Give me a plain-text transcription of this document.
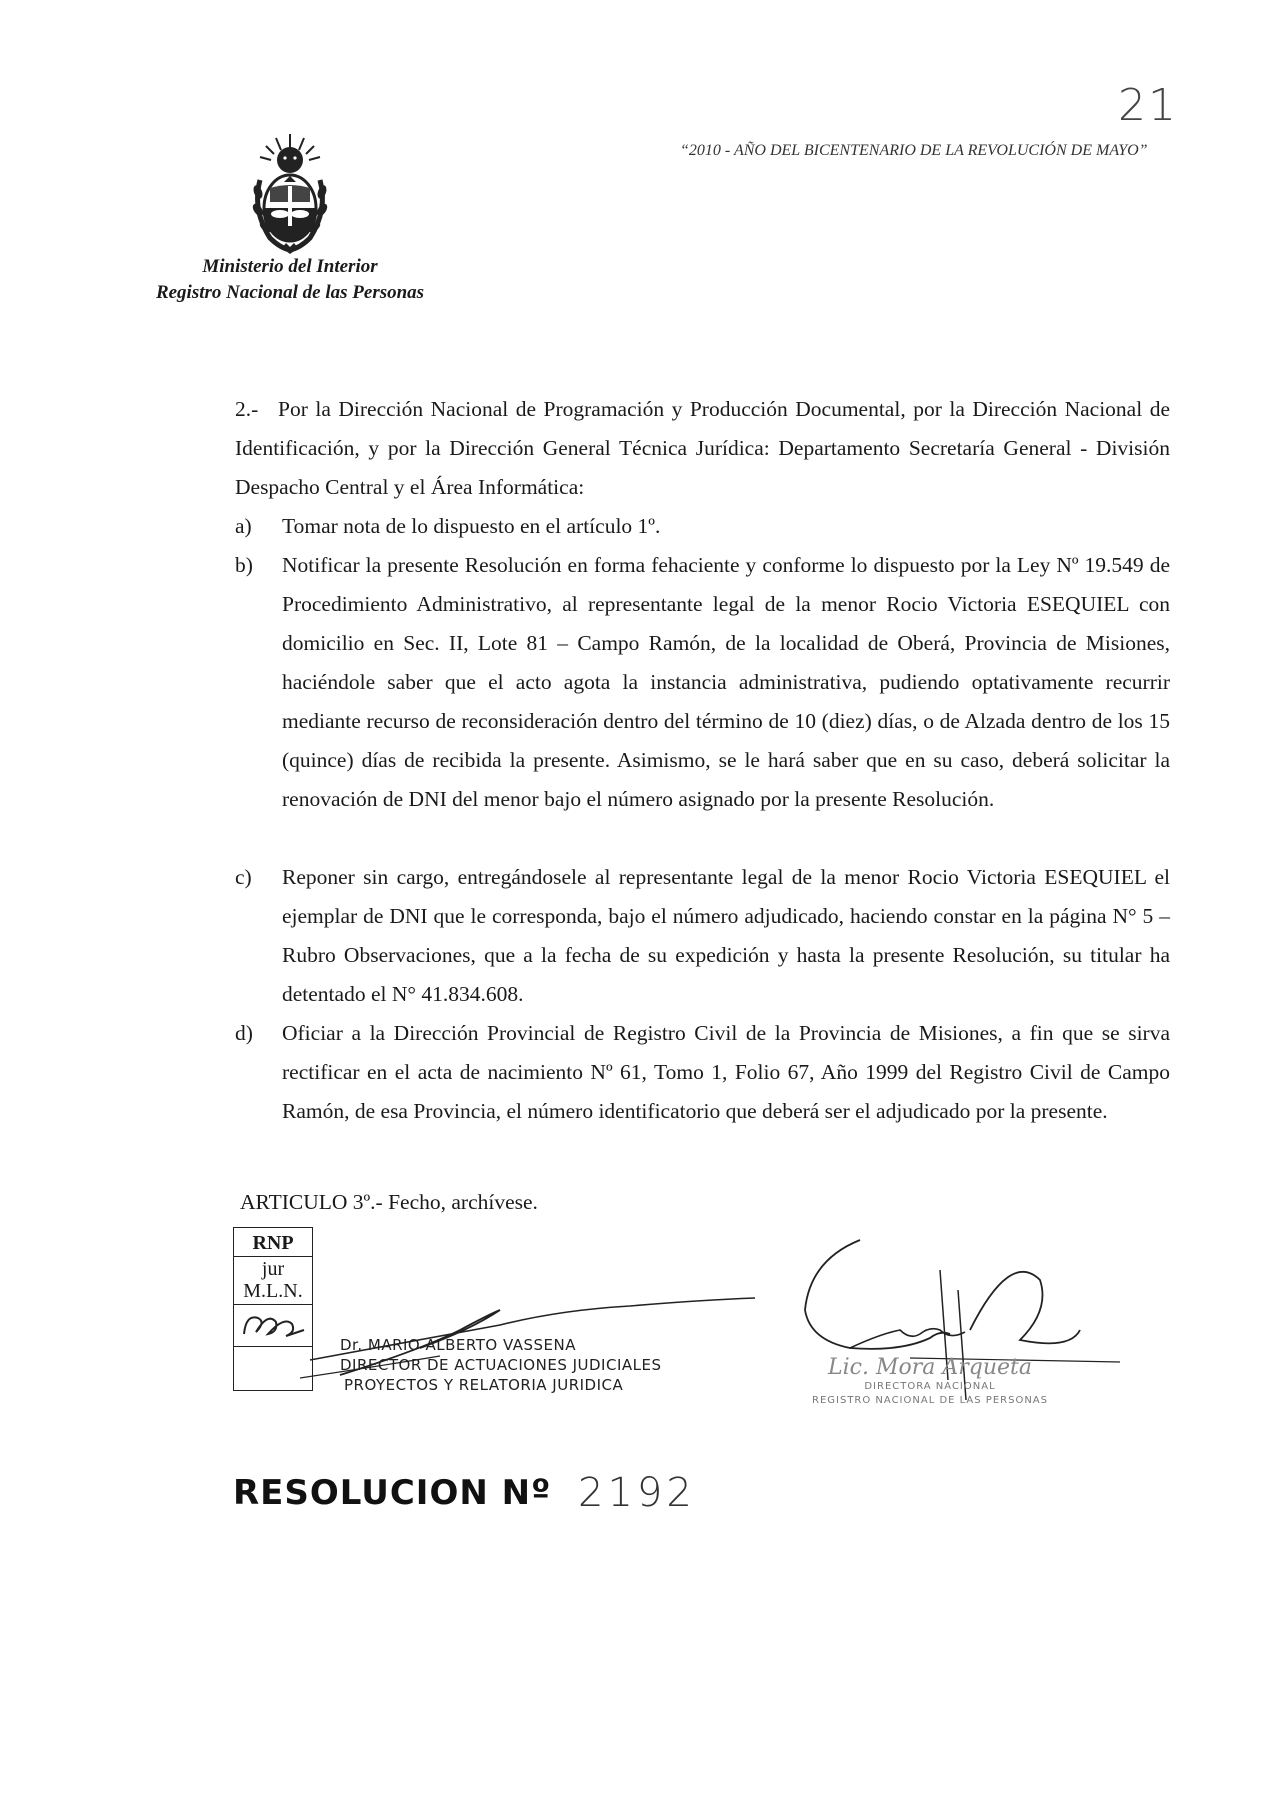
21
“2010 - AÑO DEL BICENTENARIO DE LA REVOLUCIÓN DE MAYO”
Ministerio del Interior
Registro Nacional de las Personas
2.- Por la Dirección Nacional de Programación y Producción Documental, por la Dirección Nacional de Identificación, y por la Dirección General Técnica Jurídica: Departamento Secretaría General - División Despacho Central y el Área Informática:
a) Tomar nota de lo dispuesto en el artículo 1º.
b) Notificar la presente Resolución en forma fehaciente y conforme lo dispuesto por la Ley Nº 19.549 de Procedimiento Administrativo, al representante legal de la menor Rocio Victoria ESEQUIEL con domicilio en Sec. II, Lote 81 – Campo Ramón, de la localidad de Oberá, Provincia de Misiones, haciéndole saber que el acto agota la instancia administrativa, pudiendo optativamente recurrir mediante recurso de reconsideración dentro del término de 10 (diez) días, o de Alzada dentro de los 15 (quince) días de recibida la presente. Asimismo, se le hará saber que en su caso, deberá solicitar la renovación de DNI del menor bajo el número asignado por la presente Resolución.
c) Reponer sin cargo, entregándosele al representante legal de la menor Rocio Victoria ESEQUIEL el ejemplar de DNI que le corresponda, bajo el número adjudicado, haciendo constar en la página N° 5 – Rubro Observaciones, que a la fecha de su expedición y hasta la presente Resolución, su titular ha detentado el N° 41.834.608.
d) Oficiar a la Dirección Provincial de Registro Civil de la Provincia de Misiones, a fin que se sirva rectificar en el acta de nacimiento Nº 61, Tomo 1, Folio 67, Año 1999 del Registro Civil de Campo Ramón, de esa Provincia, el número identificatorio que deberá ser el adjudicado por la presente.
ARTICULO 3º.- Fecho, archívese.
RNP
jur
M.L.N.
Dr. MARIO ALBERTO VASSENA
DIRECTOR DE ACTUACIONES JUDICIALES
PROYECTOS Y RELATORIA JURIDICA
Lic. Mora Arqueta
DIRECTORA NACIONAL
REGISTRO NACIONAL DE LAS PERSONAS
RESOLUCION Nº 2192
